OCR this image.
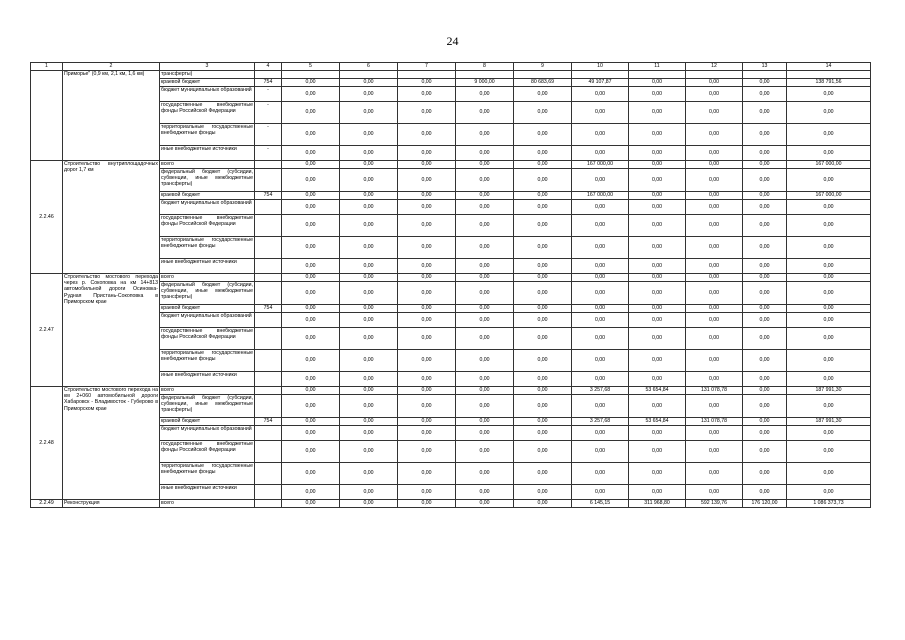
24
1	2	3	4	5	6	7	8	9	10	11	12	13	14
	Приморье" (0,9 км, 2,1 км, 1,6 км)	трансферты)											
		краевой бюджет	754	0,00	0,00	0,00	9 000,00	80 683,69	49 107,87	0,00	0,00	0,00	138 791,56
		бюджет муниципальных образований	-	0,00	0,00	0,00	0,00	0,00	0,00	0,00	0,00	0,00	0,00
		государственные внебюджетные фонды Российской Федерации	-	0,00	0,00	0,00	0,00	0,00	0,00	0,00	0,00	0,00	0,00
		территориальные государственные внебюджетные фонды	-	0,00	0,00	0,00	0,00	0,00	0,00	0,00	0,00	0,00	0,00
		иные внебюджетные источники	-	0,00	0,00	0,00	0,00	0,00	0,00	0,00	0,00	0,00	0,00
2.2.46	Строительство внутриплощадочных дорог 1,7 км	всего		0,00	0,00	0,00	0,00	0,00	167 000,00	0,00	0,00	0,00	167 000,00
		федеральный бюджет (субсидии, субвенции, иные межбюджетные трансферты)		0,00	0,00	0,00	0,00	0,00	0,00	0,00	0,00	0,00	0,00
		краевой бюджет	754	0,00	0,00	0,00	0,00	0,00	167 000,00	0,00	0,00	0,00	167 000,00
		бюджет муниципальных образований		0,00	0,00	0,00	0,00	0,00	0,00	0,00	0,00	0,00	0,00
		государственные внебюджетные фонды Российской Федерации		0,00	0,00	0,00	0,00	0,00	0,00	0,00	0,00	0,00	0,00
		территориальные государственные внебюджетные фонды		0,00	0,00	0,00	0,00	0,00	0,00	0,00	0,00	0,00	0,00
		иные внебюджетные источники		0,00	0,00	0,00	0,00	0,00	0,00	0,00	0,00	0,00	0,00
2.2.47	Строительство мостового перехода через р. Сокоповка на км 14+813 автомобильной дороги Осиновка-Рудная Пристань-Сокоповка в Приморском крае	всего		0,00	0,00	0,00	0,00	0,00	0,00	0,00	0,00	0,00	0,00
		федеральный бюджет (субсидии, субвенции, иные межбюджетные трансферты)		0,00	0,00	0,00	0,00	0,00	0,00	0,00	0,00	0,00	0,00
		краевой бюджет	754	0,00	0,00	0,00	0,00	0,00	0,00	0,00	0,00	0,00	0,00
		бюджет муниципальных образований		0,00	0,00	0,00	0,00	0,00	0,00	0,00	0,00	0,00	0,00
		государственные внебюджетные фонды Российской Федерации		0,00	0,00	0,00	0,00	0,00	0,00	0,00	0,00	0,00	0,00
		территориальные государственные внебюджетные фонды		0,00	0,00	0,00	0,00	0,00	0,00	0,00	0,00	0,00	0,00
		иные внебюджетные источники		0,00	0,00	0,00	0,00	0,00	0,00	0,00	0,00	0,00	0,00
2.2.48	Строительство мостового перехода на км 2+060 автомобильной дороги Хабаровск - Владивосток - Губерово в Приморском крае	всего		0,00	0,00	0,00	0,00	0,00	3 257,68	53 654,84	131 078,78	0,00	187 991,30
		федеральный бюджет (субсидии, субвенции, иные межбюджетные трансферты)		0,00	0,00	0,00	0,00	0,00	0,00	0,00	0,00	0,00	0,00
		краевой бюджет	754	0,00	0,00	0,00	0,00	0,00	3 257,68	53 654,84	131 078,78	0,00	187 991,30
		бюджет муниципальных образований		0,00	0,00	0,00	0,00	0,00	0,00	0,00	0,00	0,00	0,00
		государственные внебюджетные фонды Российской Федерации		0,00	0,00	0,00	0,00	0,00	0,00	0,00	0,00	0,00	0,00
		территориальные государственные внебюджетные фонды		0,00	0,00	0,00	0,00	0,00	0,00	0,00	0,00	0,00	0,00
		иные внебюджетные источники		0,00	0,00	0,00	0,00	0,00	0,00	0,00	0,00	0,00	0,00
2.2.49	Реконструкция	всего		0,00	0,00	0,00	0,00	0,00	6 145,15	311 968,80	592 139,76	176 120,00	1 086 373,73
